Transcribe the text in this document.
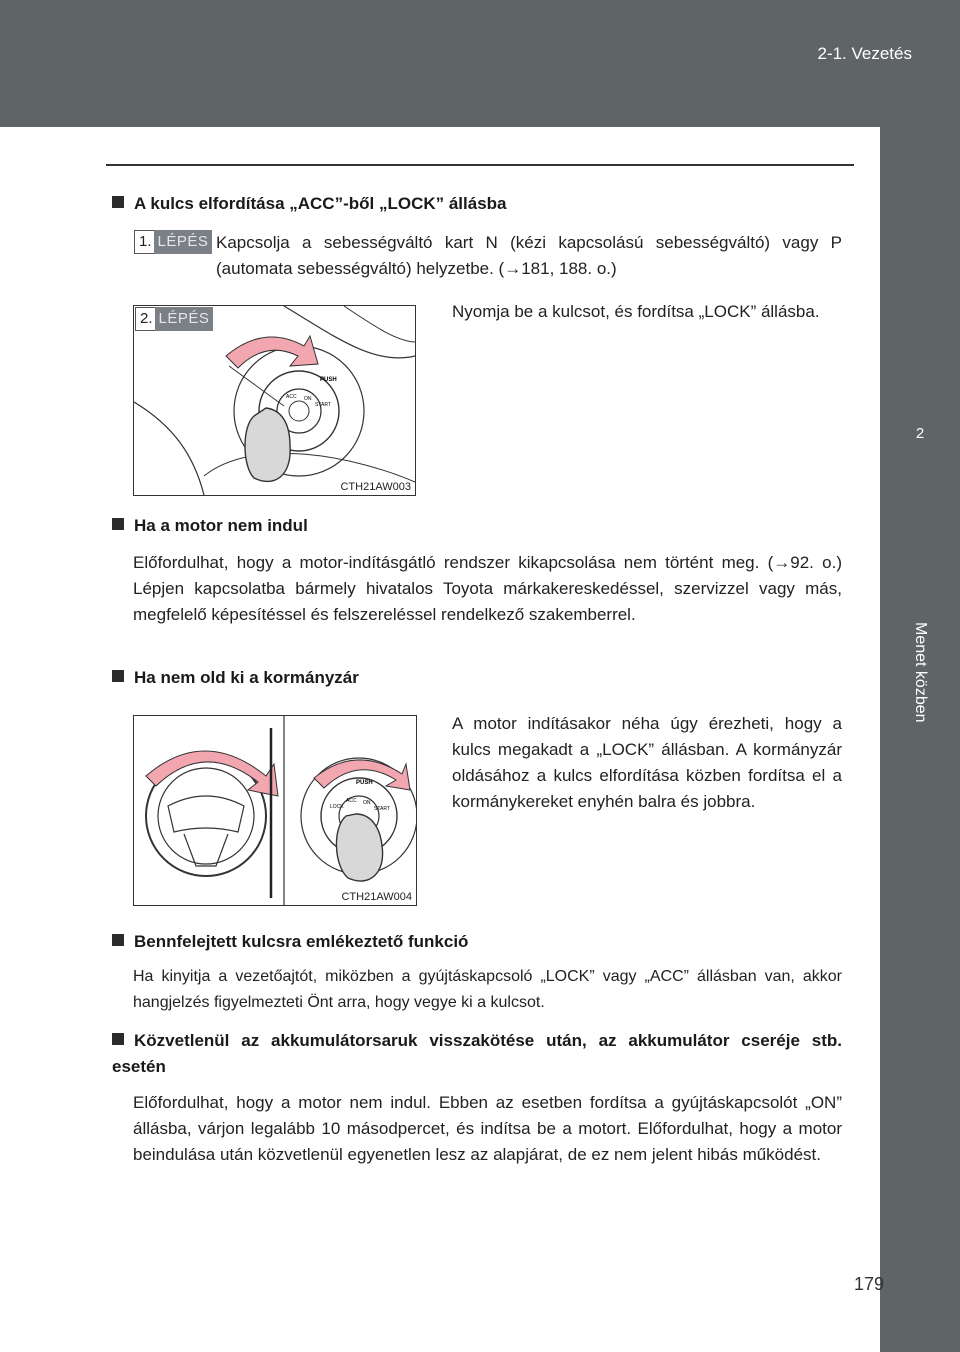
2-1. Vezetés
2
Menet közben
A kulcs elfordítása „ACC”-ből „LOCK” állásba
1. LÉPÉS Kapcsolja a sebességváltó kart N (kézi kapcsolású sebességváltó) vagy P (automata sebességváltó) helyzetbe. (→181, 188. o.)
PUSH
ACC ON
START
2. LÉPÉS
CTH21AW003
Nyomja be a kulcsot, és fordítsa „LOCK” állásba.
Ha a motor nem indul
Előfordulhat, hogy a motor-indításgátló rendszer kikapcsolása nem történt meg. (→92. o.) Lépjen kapcsolatba bármely hivatalos Toyota márkakereskedéssel, szervizzel vagy más, megfelelő képesítéssel és felszereléssel rendelkező szakemberrel.
Ha nem old ki a kormányzár
PUSH
ACC ON
START
LOCK
CTH21AW004
A motor indításakor néha úgy érezheti, hogy a kulcs megakadt a „LOCK” állásban. A kormányzár oldásához a kulcs elfordítása közben fordítsa el a kormánykereket enyhén balra és jobbra.
Bennfelejtett kulcsra emlékeztető funkció
Ha kinyitja a vezetőajtót, miközben a gyújtáskapcsoló „LOCK” vagy „ACC” állásban van, akkor hangjelzés figyelmezteti Önt arra, hogy vegye ki a kulcsot.
Közvetlenül az akkumulátorsaruk visszakötése után, az akkumulátor cseréje stb. esetén
Előfordulhat, hogy a motor nem indul. Ebben az esetben fordítsa a gyújtáskapcsolót „ON” állásba, várjon legalább 10 másodpercet, és indítsa be a motort. Előfordulhat, hogy a motor beindulása után közvetlenül egyenetlen lesz az alapjárat, de ez nem jelent hibás működést.
179
